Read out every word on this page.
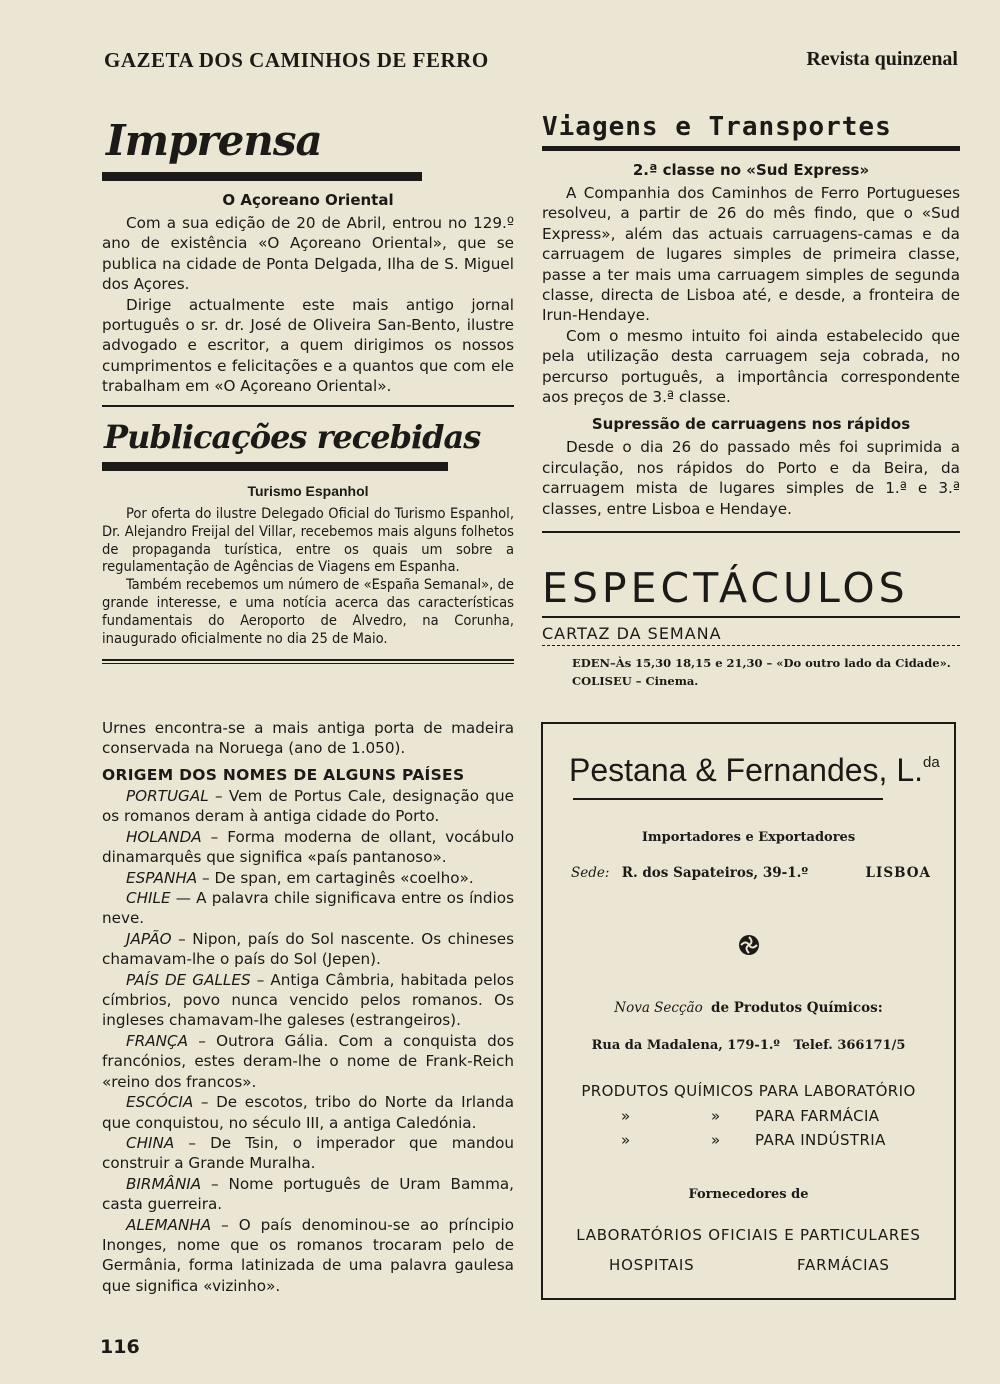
GAZETA DOS CAMINHOS DE FERRO	Revista quinzenal
Imprensa
O Açoreano Oriental

Com a sua edição de 20 de Abril, entrou no 129.º ano de existência «O Açoreano Oriental», que se publica na cidade de Ponta Delgada, Ilha de S. Miguel dos Açores.

Dirige actualmente este mais antigo jornal português o sr. dr. José de Oliveira San-Bento, ilustre advogado e escritor, a quem dirigimos os nossos cumprimentos e felicitações e a quantos que com ele trabalham em «O Açoreano Oriental».

Publicações recebidas
Turismo Espanhol

Por oferta do ilustre Delegado Oficial do Turismo Espanhol, Dr. Alejandro Freijal del Villar, recebemos mais alguns folhetos de propaganda turística, entre os quais um sobre a regulamentação de Agências de Viagens em Espanha.

Também recebemos um número de «España Semanal», de grande interesse, e uma notícia acerca das características fundamentais do Aeroporto de Alvedro, na Corunha, inaugurado oficialmente no dia 25 de Maio.

Urnes encontra-se a mais antiga porta de madeira conservada na Noruega (ano de 1.050).
ORIGEM DOS NOMES DE ALGUNS PAÍSES

PORTUGAL – Vem de Portus Cale, designação que os romanos deram à antiga cidade do Porto.

HOLANDA – Forma moderna de ollant, vocábulo dinamarquês que significa «país pantanoso».

ESPANHA – De span, em cartaginês «coelho».

CHILE — A palavra chile significava entre os índios neve.

JAPÃO – Nipon, país do Sol nascente. Os chineses chamavam-lhe o país do Sol (Jepen).

PAÍS DE GALLES – Antiga Câmbria, habitada pelos címbrios, povo nunca vencido pelos romanos. Os ingleses chamavam-lhe galeses (estrangeiros).

FRANÇA – Outrora Gália. Com a conquista dos francónios, estes deram-lhe o nome de Frank-Reich «reino dos francos».

ESCÓCIA – De escotos, tribo do Norte da Irlanda que conquistou, no século III, a antiga Caledónia.

CHINA – De Tsin, o imperador que mandou construir a Grande Muralha.

BIRMÂNIA – Nome português de Uram Bamma, casta guerreira.

ALEMANHA – O país denominou-se ao príncipio Inonges, nome que os romanos trocaram pelo de Germânia, forma latinizada de uma palavra gaulesa que significa «vizinho».

Viagens e Transportes
2.ª classe no «Sud Express»

A Companhia dos Caminhos de Ferro Portugueses resolveu, a partir de 26 do mês findo, que o «Sud Express», além das actuais carruagens-camas e da carruagem de lugares simples de primeira classe, passe a ter mais uma carruagem simples de segunda classe, directa de Lisboa até, e desde, a fronteira de Irun-Hendaye.

Com o mesmo intuito foi ainda estabelecido que pela utilização desta carruagem seja cobrada, no percurso português, a importância correspondente aos preços de 3.ª classe.

Supressão de carruagens nos rápidos

Desde o dia 26 do passado mês foi suprimida a circulação, nos rápidos do Porto e da Beira, da carruagem mista de lugares simples de 1.ª e 3.ª classes, entre Lisboa e Hendaye.

ESPECTÁCULOS
CARTAZ DA SEMANA
EDEN–Às 15,30 18,15 e 21,30 – «Do outro lado da Cidade».
COLISEU – Cinema.
Pestana & Fernandes, L.$^{da}$
Importadores e Exportadores
Sede: R. dos Sapateiros, 39-1.º	LISBOA
Nova Secção de Produtos Químicos:
Rua da Madalena, 179-1.º   Telef. 366171/5
PRODUTOS QUÍMICOS PARA LABORATÓRIO
»	» PARA FARMÁCIA
»	» PARA INDÚSTRIA
Fornecedores de
LABORATÓRIOS OFICIAIS E PARTICULARES
HOSPITAIS	FARMÁCIAS
116
